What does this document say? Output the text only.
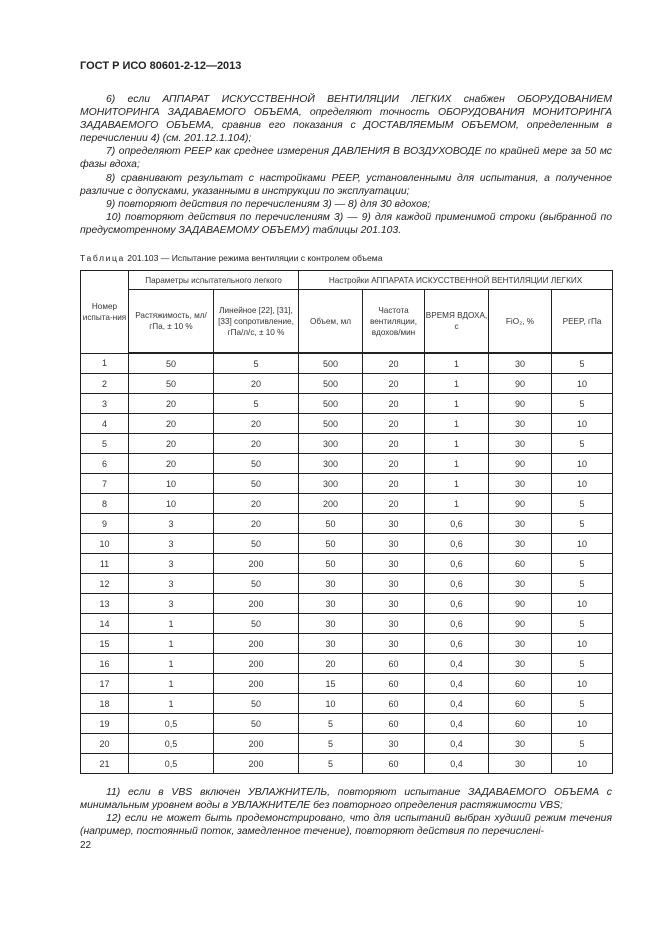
ГОСТ Р ИСО 80601-2-12—2013

6) если АППАРАТ ИСКУССТВЕННОЙ ВЕНТИЛЯЦИИ ЛЕГКИХ снабжен ОБОРУДОВАНИЕМ МОНИТОРИНГА ЗАДАВАЕМОГО ОБЪЕМА, определяют точность ОБОРУДОВАНИЯ МОНИТОРИНГА ЗАДАВАЕМОГО ОБЪЕМА, сравнив его показания с ДОСТАВЛЯЕМЫМ ОБЪЕМОМ, определенным в перечислении 4) (см. 201.12.1.104);

7) определяют PEEP как среднее измерения ДАВЛЕНИЯ В ВОЗДУХОВОДЕ по крайней мере за 50 мс фазы вдоха;

8) сравнивают результат с настройками PEEP, установленными для испытания, а полученное различие с допусками, указанными в инструкции по эксплуатации;

9) повторяют действия по перечислениям 3) — 8) для 30 вдохов;

10) повторяют действия по перечислениям 3) — 9) для каждой применимой строки (выбранной по предусмотренному ЗАДАВАЕМОМУ ОБЪЕМУ) таблицы 201.103.

Таблица 201.103 — Испытание режима вентиляции с контролем объема
Номер испыта-ния	Параметры испытательного легкого		Настройки АППАРАТА ИСКУССТВЕННОЙ ВЕНТИЛЯЦИИ ЛЕГКИХ				
	Растяжимость, мл/гПа, ± 10 %	Линейное [22], [31], [33] сопротивление, гПа/л/с, ± 10 %	Объем, мл	Частота вентиляции, вдохов/мин	ВРЕМЯ ВДОХА, с	FiO₂, %	PEEP, гПа
1	50	5	500	20	1	30	5
2	50	20	500	20	1	90	10
3	20	5	500	20	1	90	5
4	20	20	500	20	1	30	10
5	20	20	300	20	1	30	5
6	20	50	300	20	1	90	10
7	10	50	300	20	1	30	10
8	10	20	200	20	1	90	5
9	3	20	50	30	0,6	30	5
10	3	50	50	30	0,6	30	10
11	3	200	50	30	0,6	60	5
12	3	50	30	30	0,6	30	5
13	3	200	30	30	0,6	90	10
14	1	50	30	30	0,6	90	5
15	1	200	30	30	0,6	30	10
16	1	200	20	60	0,4	30	5
17	1	200	15	60	0,4	60	10
18	1	50	10	60	0,4	60	5
19	0,5	50	5	60	0,4	60	10
20	0,5	200	5	30	0,4	30	5
21	0,5	200	5	60	0,4	30	10

11) если в VBS включен УВЛАЖНИТЕЛЬ, повторяют испытание ЗАДАВАЕМОГО ОБЪЕМА с минимальным уровнем воды в УВЛАЖНИТЕЛЕ без повторного определения растяжимости VBS;

12) если не может быть продемонстрировано, что для испытаний выбран худший режим течения (например, постоянный поток, замедленное течение), повторяют действия по перечисленi-

22
